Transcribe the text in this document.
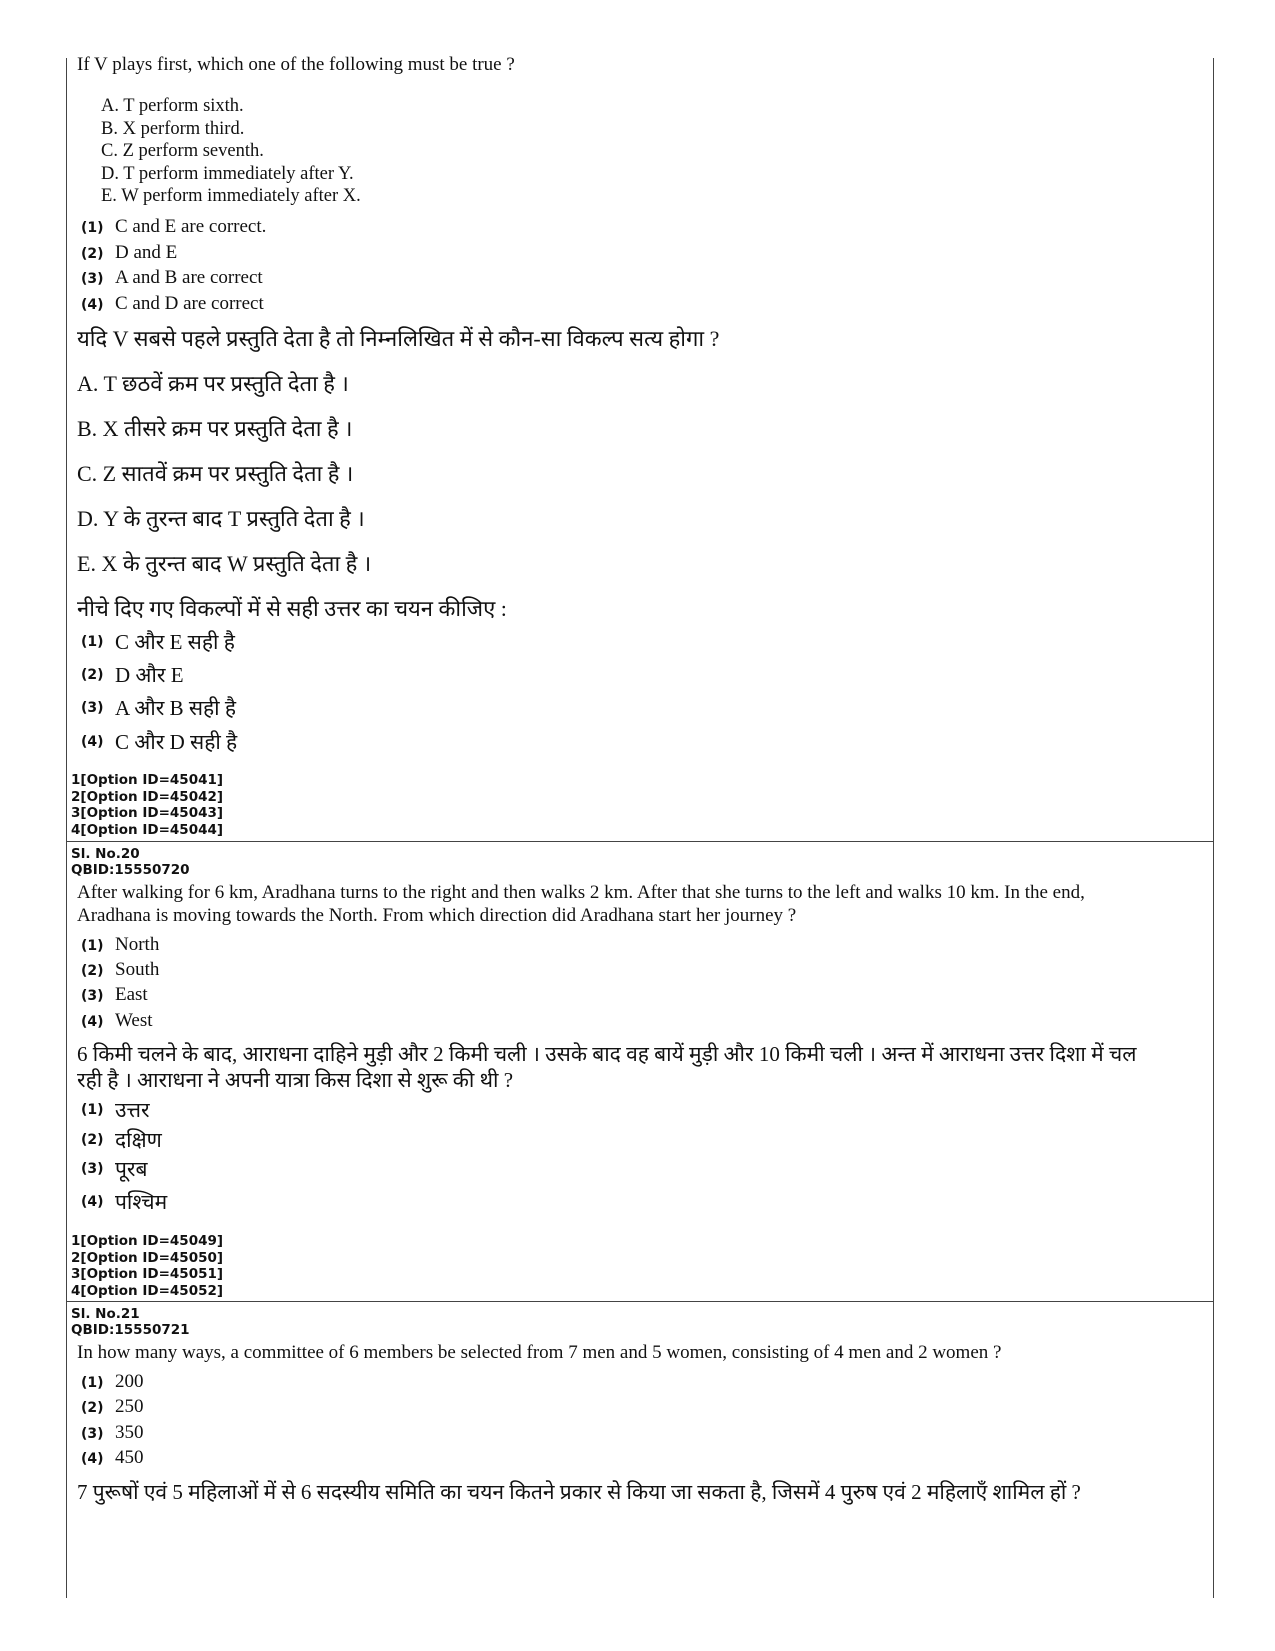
If V plays first, which one of the following must be true ?
A. T perform sixth.
B. X perform third.
C. Z perform seventh.
D. T perform immediately after Y.
E. W perform immediately after X.
(1) C and E are correct.
(2) D and E
(3) A and B are correct
(4) C and D are correct
यदि V सबसे पहले प्रस्तुति देता है तो निम्नलिखित में से कौन-सा विकल्प सत्य होगा ?
A. T छठवें क्रम पर प्रस्तुति देता है ।
B. X तीसरे क्रम पर प्रस्तुति देता है ।
C. Z सातवें क्रम पर प्रस्तुति देता है ।
D. Y के तुरन्त बाद T प्रस्तुति देता है ।
E. X के तुरन्त बाद W प्रस्तुति देता है ।
नीचे दिए गए विकल्पों में से सही उत्तर का चयन कीजिए :
(1) C और E सही है
(2) D और E
(3) A और B सही है
(4) C और D सही है
1[Option ID=45041]
2[Option ID=45042]
3[Option ID=45043]
4[Option ID=45044]
Sl. No.20
QBID:15550720
After walking for 6 km, Aradhana turns to the right and then walks 2 km. After that she turns to the left and walks 10 km. In the end,
Aradhana is moving towards the North. From which direction did Aradhana start her journey ?
(1) North
(2) South
(3) East
(4) West
6 किमी चलने के बाद, आराधना दाहिने मुड़ी और 2 किमी चली । उसके बाद वह बायें मुड़ी और 10 किमी चली । अन्त में आराधना उत्तर दिशा में चल
रही है । आराधना ने अपनी यात्रा किस दिशा से शुरू की थी ?
(1) उत्तर
(2) दक्षिण
(3) पूरब
(4) पश्चिम
1[Option ID=45049]
2[Option ID=45050]
3[Option ID=45051]
4[Option ID=45052]
Sl. No.21
QBID:15550721
In how many ways, a committee of 6 members be selected from 7 men and 5 women, consisting of 4 men and 2 women ?
(1) 200
(2) 250
(3) 350
(4) 450
7 पुरूषों एवं 5 महिलाओं में से 6 सदस्यीय समिति का चयन कितने प्रकार से किया जा सकता है, जिसमें 4 पुरुष एवं 2 महिलाएँ शामिल हों ?
